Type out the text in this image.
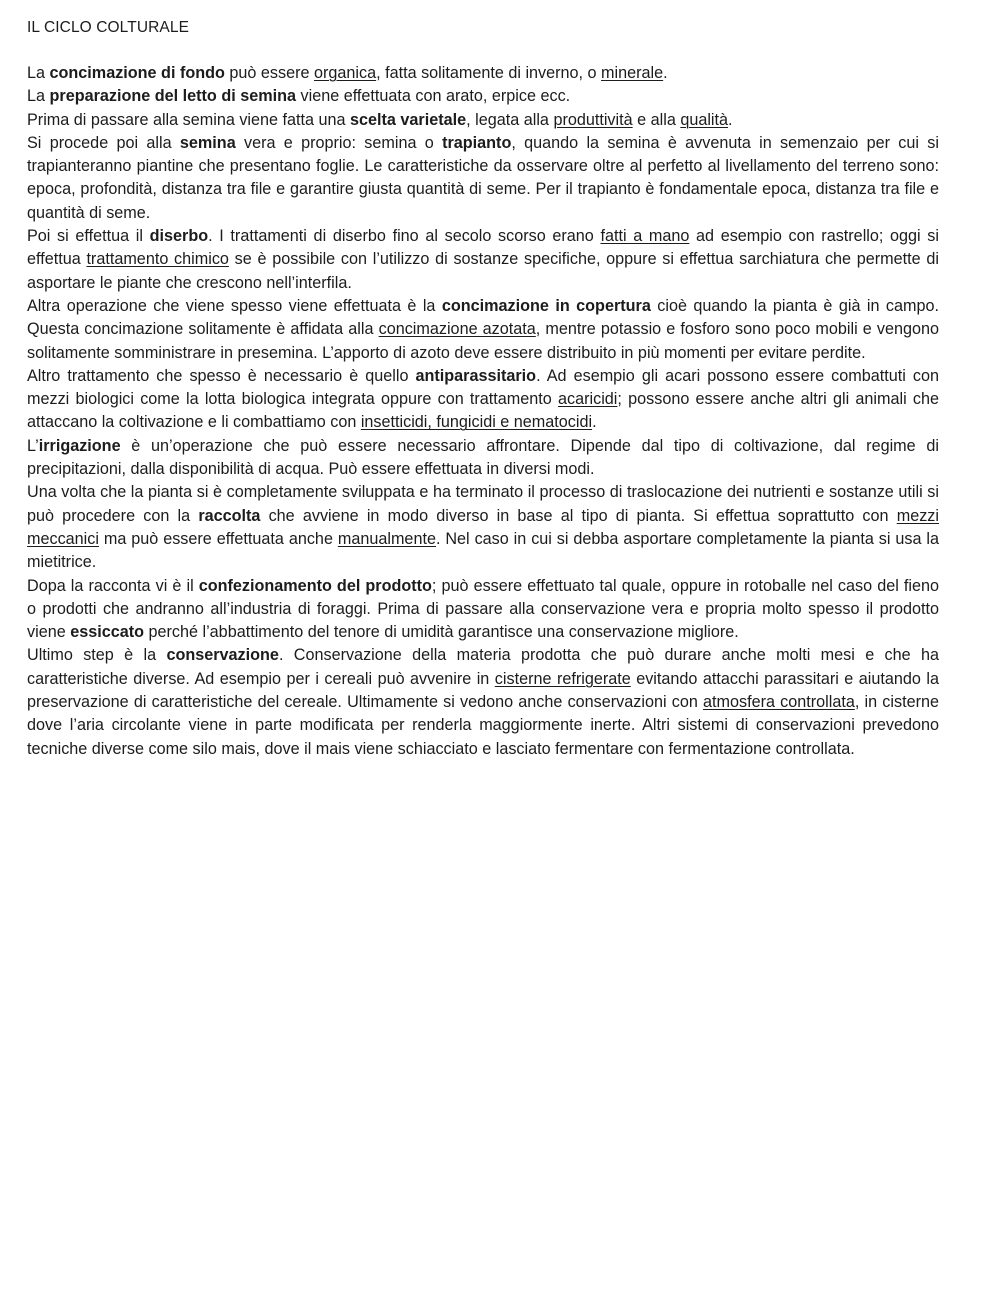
IL CICLO COLTURALE

La concimazione di fondo può essere organica, fatta solitamente di inverno, o minerale.

La preparazione del letto di semina viene effettuata con arato, erpice ecc.

Prima di passare alla semina viene fatta una scelta varietale, legata alla produttività e alla qualità.

Si procede poi alla semina vera e proprio: semina o trapianto, quando la semina è avvenuta in semenzaio per cui si trapianteranno piantine che presentano foglie. Le caratteristiche da osservare oltre al perfetto al livellamento del terreno sono: epoca, profondità, distanza tra file e garantire giusta quantità di seme. Per il trapianto è fondamentale epoca, distanza tra file e quantità di seme.

Poi si effettua il diserbo. I trattamenti di diserbo fino al secolo scorso erano fatti a mano ad esempio con rastrello; oggi si effettua trattamento chimico se è possibile con l’utilizzo di sostanze specifiche, oppure si effettua sarchiatura che permette di asportare le piante che crescono nell’interfila.

Altra operazione che viene spesso viene effettuata è la concimazione in copertura cioè quando la pianta è già in campo. Questa concimazione solitamente è affidata alla concimazione azotata, mentre potassio e fosforo sono poco mobili e vengono solitamente somministrare in presemina. L’apporto di azoto deve essere distribuito in più momenti per evitare perdite.

Altro trattamento che spesso è necessario è quello antiparassitario. Ad esempio gli acari possono essere combattuti con mezzi biologici come la lotta biologica integrata oppure con trattamento acaricidi; possono essere anche altri gli animali che attaccano la coltivazione e li combattiamo con insetticidi, fungicidi e nematocidi.

L’irrigazione è un’operazione che può essere necessario affrontare. Dipende dal tipo di coltivazione, dal regime di precipitazioni, dalla disponibilità di acqua. Può essere effettuata in diversi modi.

Una volta che la pianta si è completamente sviluppata e ha terminato il processo di traslocazione dei nutrienti e sostanze utili si può procedere con la raccolta che avviene in modo diverso in base al tipo di pianta. Si effettua soprattutto con mezzi meccanici ma può essere effettuata anche manualmente. Nel caso in cui si debba asportare completamente la pianta si usa la mietitrice.

Dopa la racconta vi è il confezionamento del prodotto; può essere effettuato tal quale, oppure in rotoballe nel caso del fieno o prodotti che andranno all’industria di foraggi. Prima di passare alla conservazione vera e propria molto spesso il prodotto viene essiccato perché l’abbattimento del tenore di umidità garantisce una conservazione migliore.

Ultimo step è la conservazione. Conservazione della materia prodotta che può durare anche molti mesi e che ha caratteristiche diverse. Ad esempio per i cereali può avvenire in cisterne refrigerate evitando attacchi parassitari e aiutando la preservazione di caratteristiche del cereale. Ultimamente si vedono anche conservazioni con atmosfera controllata, in cisterne dove l’aria circolante viene in parte modificata per renderla maggiormente inerte. Altri sistemi di conservazioni prevedono tecniche diverse come silo mais, dove il mais viene schiacciato e lasciato fermentare con fermentazione controllata.
